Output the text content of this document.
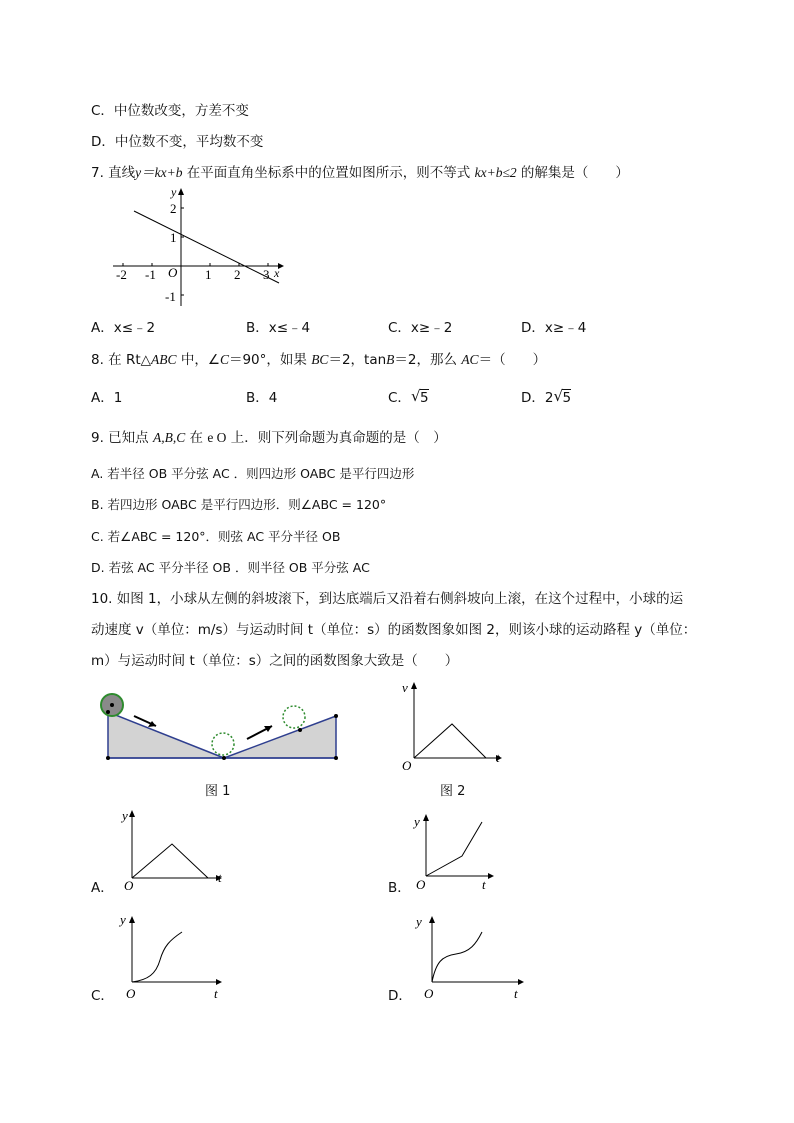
C．中位数改变，方差不变
D．中位数不变，平均数不变
7. 直线y＝kx+b 在平面直角坐标系中的位置如图所示，则不等式 kx+b≤2 的解集是（　　）
-2 -1 O 1 2 3
2
1
-1
x
y
A．x≤﹣2	B．x≤﹣4	C．x≥﹣2	D．x≥﹣4
8. 在 Rt△ABC 中，∠C＝90°，如果 BC＝2，tanB＝2，那么 AC＝（　　）
A．1	B．4	C． √ 5	D．2 √ 5
9. 已知点 A,B,C 在 e O 上．则下列命题为真命题的是（　）
A. 若半径 OB 平分弦 AC ．则四边形 OABC 是平行四边形
B. 若四边形 OABC 是平行四边形．则∠ABC = 120°
C. 若∠ABC = 120°．则弦 AC 平分半径 OB
D. 若弦 AC 平分半径 OB ．则半径 OB 平分弦 AC
10. 如图 1，小球从左侧的斜坡滚下，到达底端后又沿着右侧斜坡向上滚，在这个过程中，小球的运
动速度 v（单位：m/s）与运动时间 t（单位：s）的函数图象如图 2，则该小球的运动路程 y（单位：
m）与运动时间 t（单位：s）之间的函数图象大致是（　　）
图 1
v
t
O
图 2
A．
y
t
O	B．
y
t
O
C．
y
t
O	D．
y
t
O
